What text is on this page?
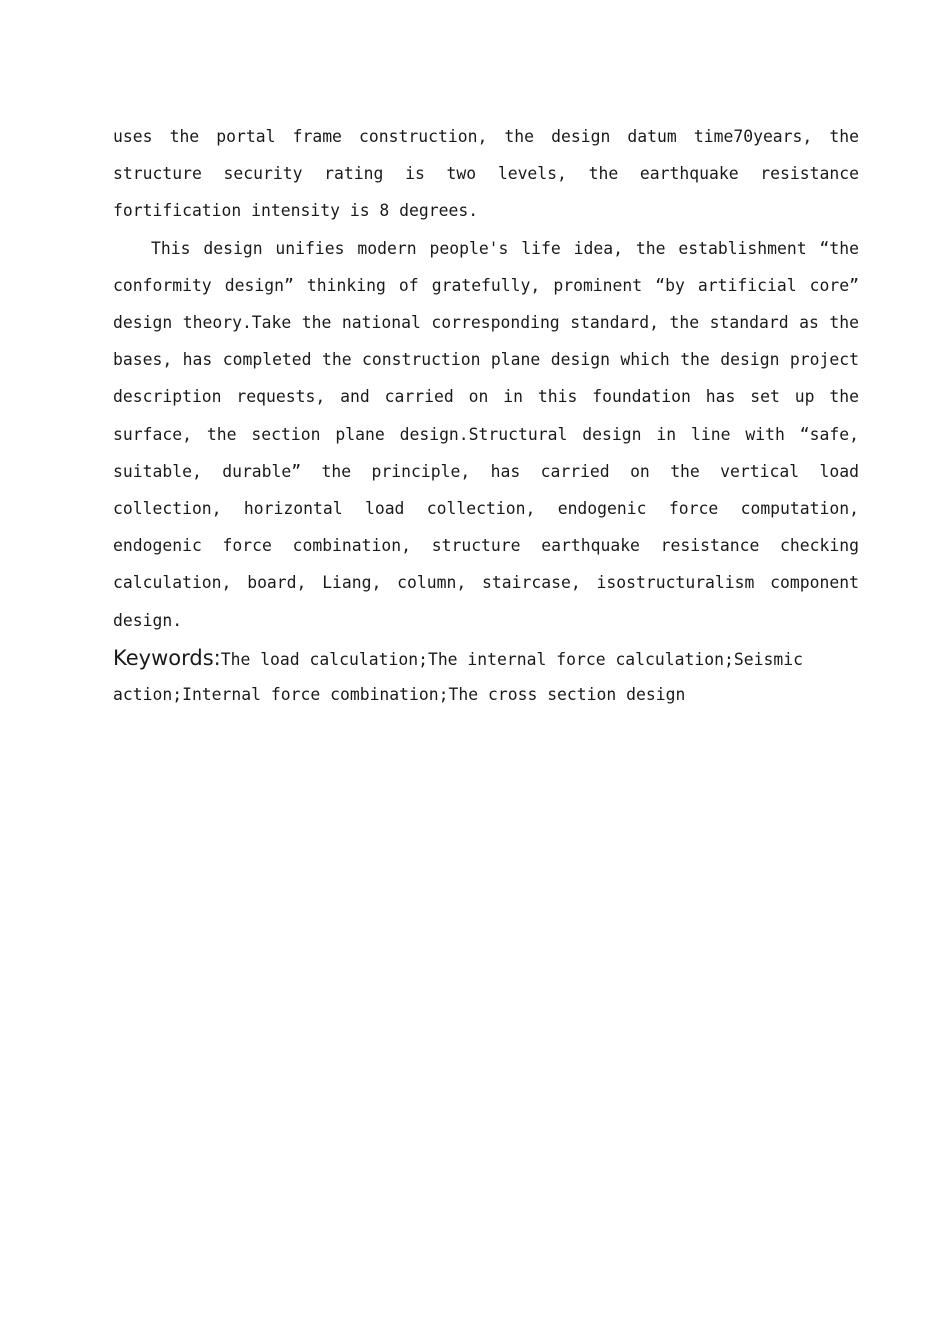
uses the portal frame construction, the design datum time70years, the structure security rating is two levels, the earthquake resistance fortification intensity is 8 degrees.

This design unifies modern people's life idea, the establishment “the conformity design” thinking of gratefully, prominent “by artificial core” design theory.Take the national corresponding standard, the standard as the bases, has completed the construction plane design which the design project description requests, and carried on in this foundation has set up the surface, the section plane design.Structural design in line with “safe, suitable, durable” the principle, has carried on the vertical load collection, horizontal load collection, endogenic force computation, endogenic force combination, structure earthquake resistance checking calculation, board, Liang, column, staircase, isostructuralism component design.

Keywords:The load calculation;The internal force calculation;Seismic action;Internal force combination;The cross section design
